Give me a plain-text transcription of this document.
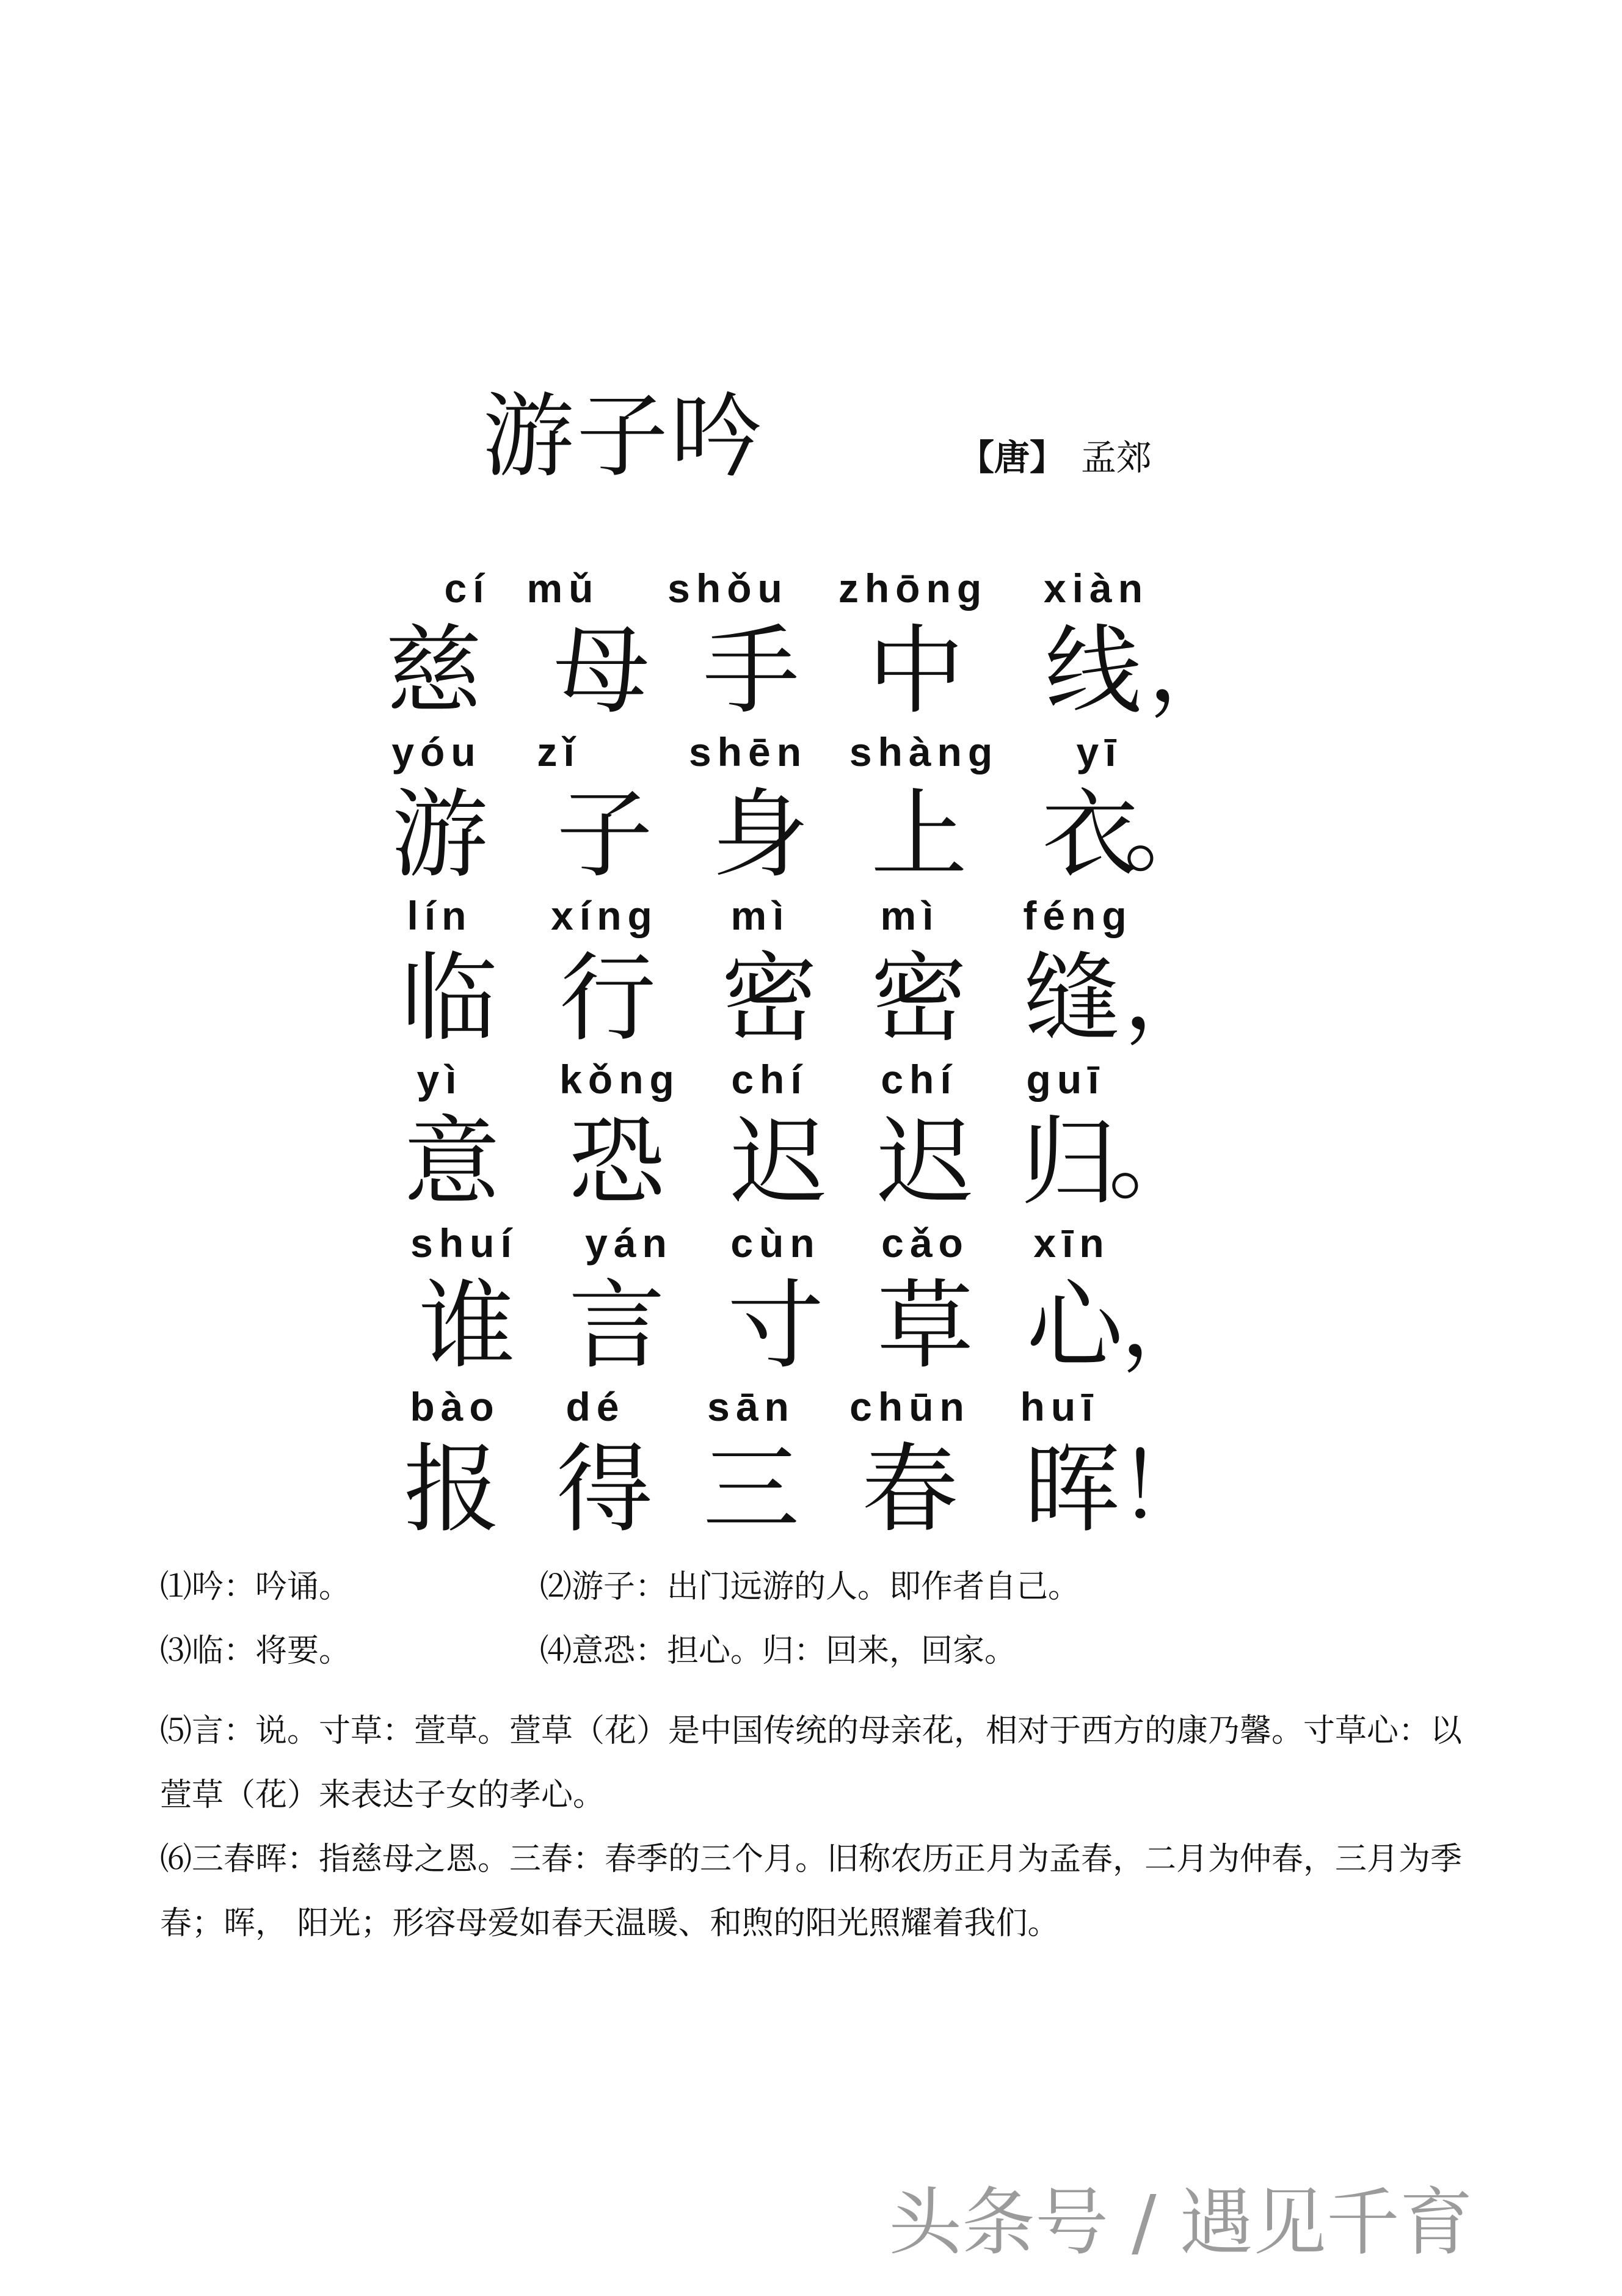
游子吟	【唐】 孟郊
cí mǔ shǒu zhōng xiàn
慈 母 手 中 线 ，
yóu zǐ	shēn shàng yī
游 子 身 上 衣
。
lín xíng mì mì féng
临 行 密 密 缝 ，
yì kǒng chí chí guī
意 恐 迟 迟 归
。
shuí yán cùn cǎo xīn
谁 言 寸 草 心
，
bào dé sān chūn huī
报 得 三 春 晖
！
⑴吟：吟诵。	⑵游子：出门远游的人。即作者自己。
⑶临：将要。	⑷意恐：担心。归：回来，回家。
⑸言：说。寸草：萱草。萱草（花）是中国传统的母亲花，相对于西方的康乃馨。寸草心：以萱草（花）来表达子女的孝心。
⑹三春晖：指慈母之恩。三春：春季的三个月。旧称农历正月为孟春，二月为仲春，三月为季春；晖， 阳光；形容母爱如春天温暖、和煦的阳光照耀着我们。
头条号 / 遇见千育
